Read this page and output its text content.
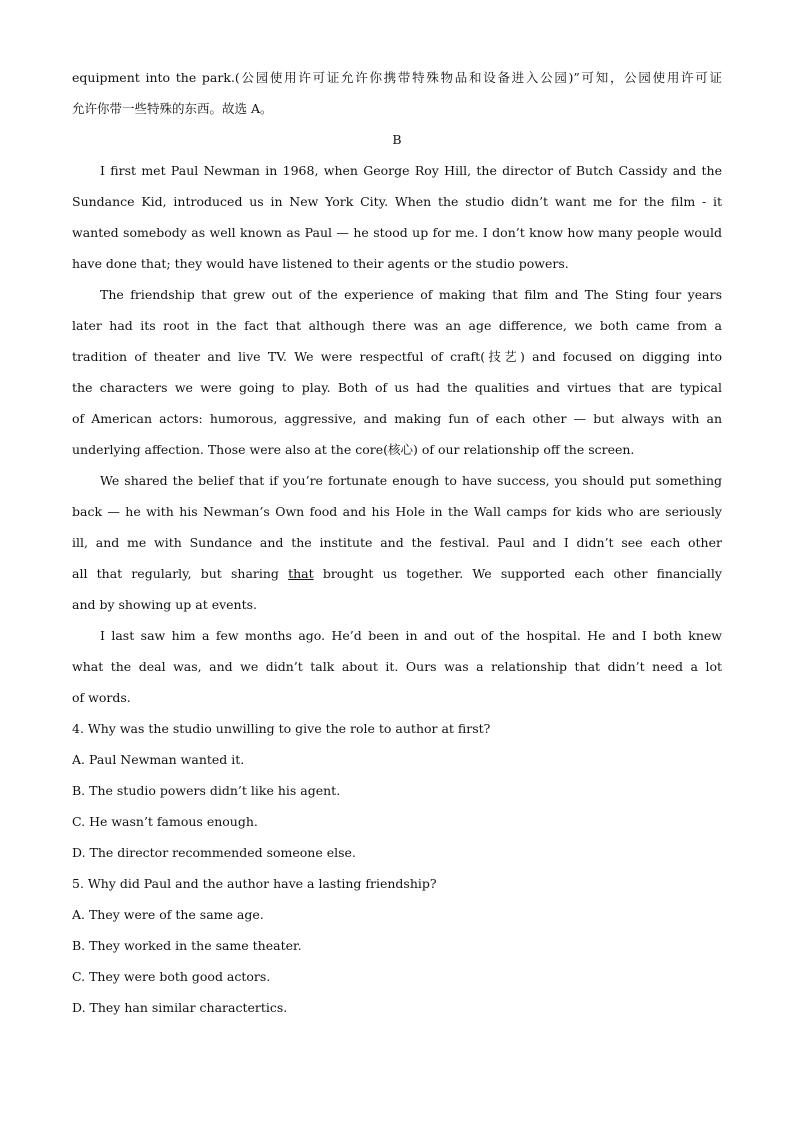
equipment into the park.(公园使用许可证允许你携带特殊物品和设备进入公园)”可知，公园使用许可证
允许你带一些特殊的东西。故选 A。
B
I first met Paul Newman in 1968, when George Roy Hill, the director of Butch Cassidy and the
Sundance Kid, introduced us in New York City. When the studio didn’t want me for the film - it
wanted somebody as well known as Paul — he stood up for me. I don’t know how many people would
have done that; they would have listened to their agents or the studio powers.
The friendship that grew out of the experience of making that film and The Sting four years
later had its root in the fact that although there was an age difference, we both came from a
tradition of theater and live TV. We were respectful of craft(技艺) and focused on digging into
the characters we were going to play. Both of us had the qualities and virtues that are typical
of American actors: humorous, aggressive, and making fun of each other — but always with an
underlying affection. Those were also at the core(核心) of our relationship off the screen.
We shared the belief that if you’re fortunate enough to have success, you should put something
back — he with his Newman’s Own food and his Hole in the Wall camps for kids who are seriously
ill, and me with Sundance and the institute and the festival. Paul and I didn’t see each other
all that regularly, but sharing that brought us together. We supported each other financially
and by showing up at events.
I last saw him a few months ago. He’d been in and out of the hospital. He and I both knew
what the deal was, and we didn’t talk about it. Ours was a relationship that didn’t need a lot
of words.
4. Why was the studio unwilling to give the role to author at first?
A. Paul Newman wanted it.
B. The studio powers didn’t like his agent.
C. He wasn’t famous enough.
D. The director recommended someone else.
5. Why did Paul and the author have a lasting friendship?
A. They were of the same age.
B. They worked in the same theater.
C. They were both good actors.
D. They han similar charactertics.
